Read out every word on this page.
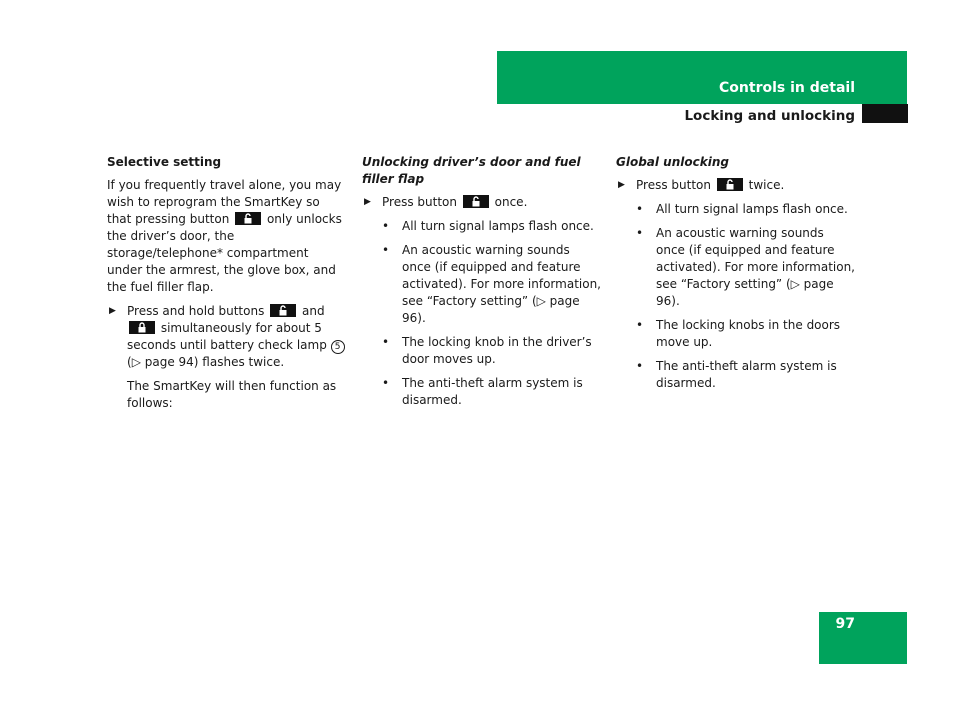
Controls in detail
Locking and unlocking
Selective setting

If you frequently travel alone, you may wish to reprogram the SmartKey so that pressing button	only unlocks the driver’s door, the storage/telephone* compartment under the armrest, the glove box, and the fuel filler flap.

▶ Press and hold buttons	and
simultaneously for about 5 seconds until battery check lamp 5
(▷ page 94) flashes twice.

The SmartKey will then function as follows:

Unlocking driver’s door and fuel filler flap
▶ Press button	once.

• All turn signal lamps flash once.
• An acoustic warning sounds once (if equipped and feature activated). For more information, see “Factory setting” (▷ page 96).
• The locking knob in the driver’s door moves up.
• The anti-theft alarm system is disarmed.
Global unlocking
▶ Press button	twice.

• All turn signal lamps flash once.
• An acoustic warning sounds once (if equipped and feature activated). For more information, see “Factory setting” (▷ page 96).
• The locking knobs in the doors move up.
• The anti-theft alarm system is disarmed.
97
